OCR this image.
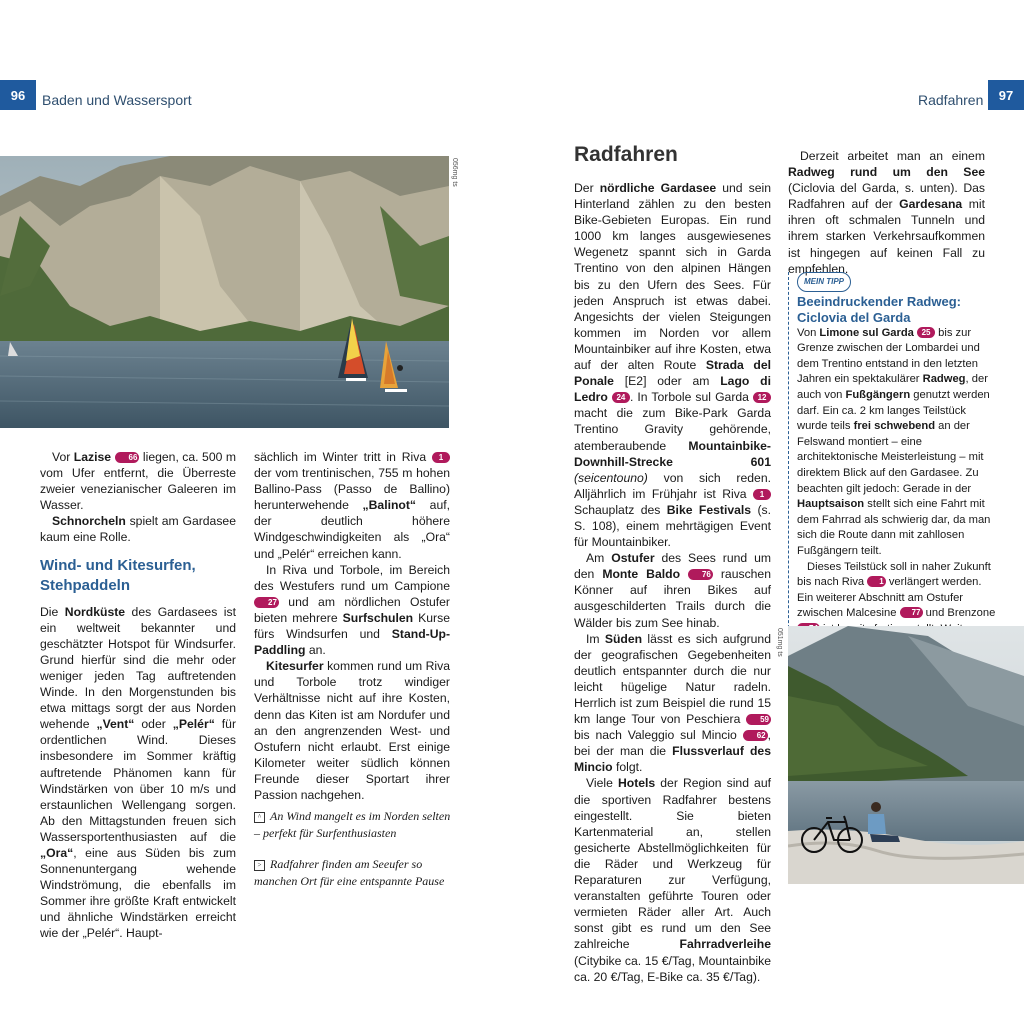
96	Baden und Wassersport	Radfahren	97
056mg ts

Vor Lazise 66 liegen, ca. 500 m vom Ufer entfernt, die Überreste zweier venezianischer Galeeren im Wasser.

Schnorcheln spielt am Gardasee kaum eine Rolle.

Wind- und Kitesurfen, Stehpaddeln

Die Nordküste des Gardasees ist ein weltweit bekannter und geschätzter Hotspot für Windsurfer. Grund hierfür sind die mehr oder weniger jeden Tag auftretenden Winde. In den Morgenstunden bis etwa mittags sorgt der aus Norden wehende „Vent“ oder „Pelér“ für ordentlichen Wind. Dieses insbesondere im Sommer kräftig auftretende Phänomen kann für Windstärken von über 10 m/s und erstaunlichen Wellengang sorgen. Ab den Mittagstunden freuen sich Wassersportenthusiasten auf die „Ora“, eine aus Süden bis zum Sonnenuntergang wehende Windströmung, die ebenfalls im Sommer ihre größte Kraft entwickelt und ähnliche Windstärken erreicht wie der „Pelér“. Haupt-

sächlich im Winter tritt in Riva 1 der vom trentinischen, 755 m hohen Ballino-Pass (Passo de Ballino) herunterwehende „Balinot“ auf, der deutlich höhere Windgeschwindigkeiten als „Ora“ und „Pelér“ erreichen kann.

In Riva und Torbole, im Bereich des Westufers rund um Campione 27 und am nördlichen Ostufer bieten mehrere Surfschulen Kurse fürs Windsurfen und Stand-Up-Paddling an.

Kitesurfer kommen rund um Riva und Torbole trotz windiger Verhältnisse nicht auf ihre Kosten, denn das Kiten ist am Nordufer und an den angrenzenden West- und Ostufern nicht erlaubt. Erst einige Kilometer weiter südlich können Freunde dieser Sportart ihrer Passion nachgehen.

^ An Wind mangelt es im Norden selten – perfekt für Surfenthusiasten
> Radfahrer finden am Seeufer so manchen Ort für eine entspannte Pause
Radfahren

Der nördliche Gardasee und sein Hinterland zählen zu den besten Bike-Gebieten Europas. Ein rund 1000 km langes ausgewiesenes Wegenetz spannt sich in Garda Trentino von den alpinen Hängen bis zu den Ufern des Sees. Für jeden Anspruch ist etwas dabei. Angesichts der vielen Steigungen kommen im Norden vor allem Mountainbiker auf ihre Kosten, etwa auf der alten Route Strada del Ponale [E2] oder am Lago di Ledro 24 . In Torbole sul Garda 12 macht die zum Bike-Park Garda Trentino Gravity gehörende, atemberaubende Mountainbike-Downhill-Strecke 601 (seicentouno) von sich reden. Alljährlich im Frühjahr ist Riva 1 Schauplatz des Bike Festivals (s. S. 108), einem mehrtägigen Event für Mountainbiker.

Am Ostufer des Sees rund um den Monte Baldo	76 rauschen Könner auf ihren Bikes auf ausgeschilderten Trails durch die Wälder bis zum See hinab.

Im Süden lässt es sich aufgrund der geografischen Gegebenheiten deutlich entspannter durch die nur leicht hügelige Natur radeln. Herrlich ist zum Beispiel die rund 15 km lange Tour von Peschiera 59 bis nach Valeggio sul Mincio 62 , bei der man die Flussverlauf des Mincio folgt.

Viele Hotels der Region sind auf die sportiven Radfahrer bestens eingestellt. Sie bieten Kartenmaterial an, stellen gesicherte Abstellmöglichkeiten für die Räder und Werkzeug für Reparaturen zur Verfügung, veranstalten geführte Touren oder vermieten Räder aller Art. Auch sonst gibt es rund um den See zahlreiche Fahrradverleihe (Citybike ca. 15 €/Tag, Mountainbike ca. 20 €/Tag, E-Bike ca. 35 €/Tag).

Derzeit arbeitet man an einem Radweg rund um den See (Ciclovia del Garda, s. unten). Das Radfahren auf der Gardesana mit ihren oft schmalen Tunneln und ihrem starken Verkehrsaufkommen ist hingegen auf keinen Fall zu empfehlen.

MEIN TIPP
Beeindruckender Radweg: Ciclovia del Garda
Von Limone sul Garda 25 bis zur Grenze zwischen der Lombardei und dem Trentino entstand in den letzten Jahren ein spektakulärer Radweg, der auch von Fußgängern genutzt werden darf. Ein ca. 2 km langes Teilstück wurde teils frei schwebend an der Felswand montiert – eine architektonische Meisterleistung – mit direktem Blick auf den Gardasee. Zu beachten gilt jedoch: Gerade in der Hauptsaison stellt sich eine Fahrt mit dem Fahrrad als schwierig dar, da man sich die Route dann mit zahllosen Fußgängern teilt.
Dieses Teilstück soll in naher Zukunft bis nach Riva 1 verlängert werden. Ein weiterer Abschnitt am Ostufer zwischen Malcesine 77 und Brenzone
051mg ts
